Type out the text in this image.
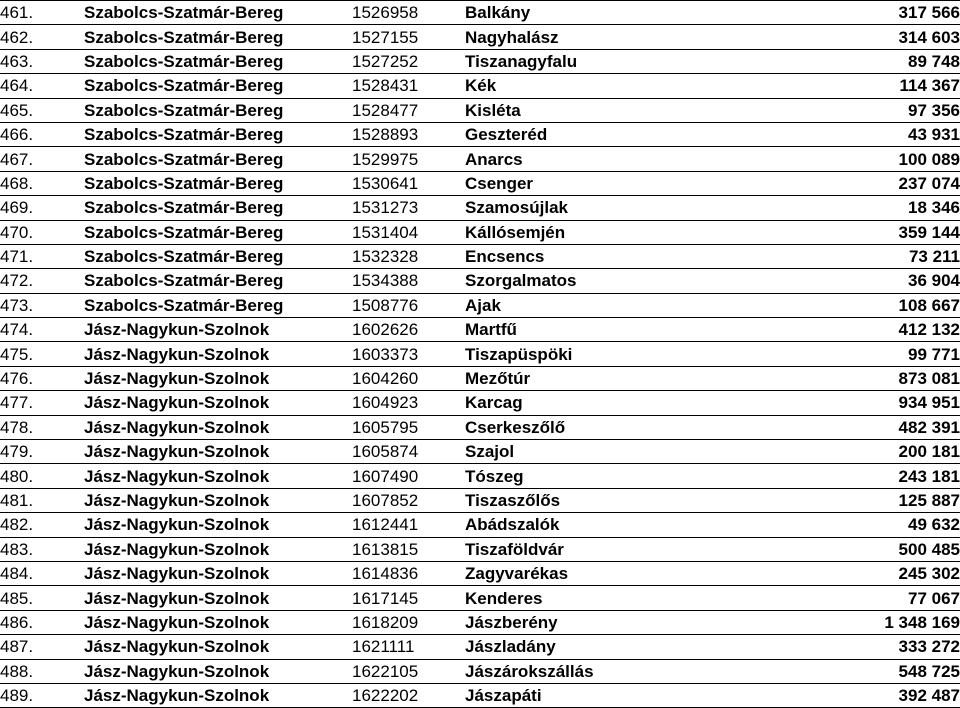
461.	Szabolcs-Szatmár-Bereg	1526958	Balkány	317 566
462.	Szabolcs-Szatmár-Bereg	1527155	Nagyhalász	314 603
463.	Szabolcs-Szatmár-Bereg	1527252	Tiszanagyfalu	89 748
464.	Szabolcs-Szatmár-Bereg	1528431	Kék	114 367
465.	Szabolcs-Szatmár-Bereg	1528477	Kisléta	97 356
466.	Szabolcs-Szatmár-Bereg	1528893	Geszteréd	43 931
467.	Szabolcs-Szatmár-Bereg	1529975	Anarcs	100 089
468.	Szabolcs-Szatmár-Bereg	1530641	Csenger	237 074
469.	Szabolcs-Szatmár-Bereg	1531273	Szamosújlak	18 346
470.	Szabolcs-Szatmár-Bereg	1531404	Kállósemjén	359 144
471.	Szabolcs-Szatmár-Bereg	1532328	Encsencs	73 211
472.	Szabolcs-Szatmár-Bereg	1534388	Szorgalmatos	36 904
473.	Szabolcs-Szatmár-Bereg	1508776	Ajak	108 667
474.	Jász-Nagykun-Szolnok	1602626	Martfű	412 132
475.	Jász-Nagykun-Szolnok	1603373	Tiszapüspöki	99 771
476.	Jász-Nagykun-Szolnok	1604260	Mezőtúr	873 081
477.	Jász-Nagykun-Szolnok	1604923	Karcag	934 951
478.	Jász-Nagykun-Szolnok	1605795	Cserkeszőlő	482 391
479.	Jász-Nagykun-Szolnok	1605874	Szajol	200 181
480.	Jász-Nagykun-Szolnok	1607490	Tószeg	243 181
481.	Jász-Nagykun-Szolnok	1607852	Tiszaszőlős	125 887
482.	Jász-Nagykun-Szolnok	1612441	Abádszalók	49 632
483.	Jász-Nagykun-Szolnok	1613815	Tiszaföldvár	500 485
484.	Jász-Nagykun-Szolnok	1614836	Zagyvarékas	245 302
485.	Jász-Nagykun-Szolnok	1617145	Kenderes	77 067
486.	Jász-Nagykun-Szolnok	1618209	Jászberény	1 348 169
487.	Jász-Nagykun-Szolnok	1621111	Jászladány	333 272
488.	Jász-Nagykun-Szolnok	1622105	Jászárokszállás	548 725
489.	Jász-Nagykun-Szolnok	1622202	Jászapáti	392 487
